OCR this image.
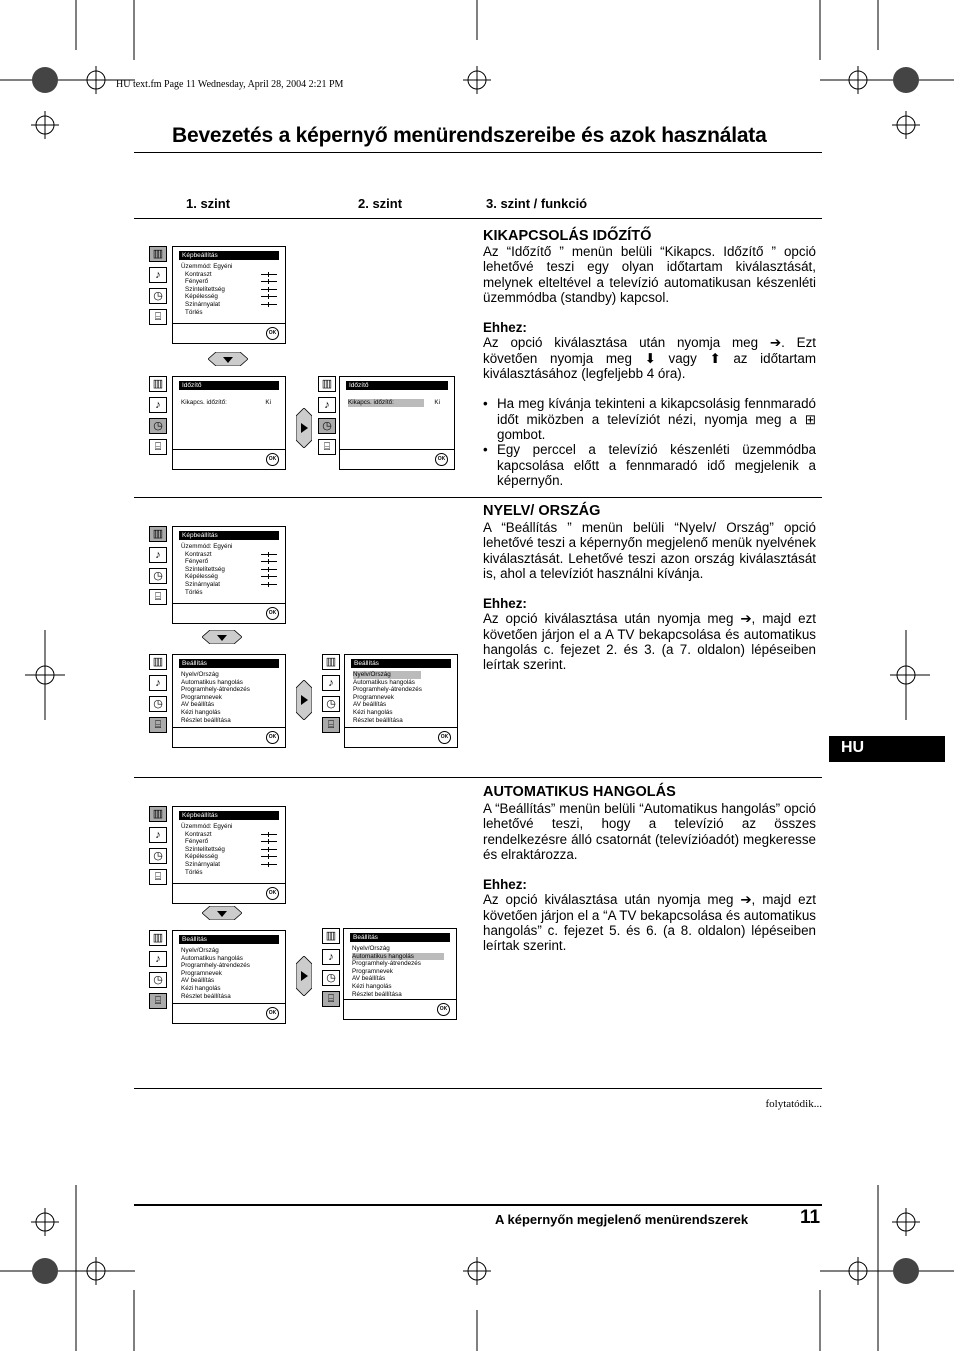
HU text.fm Page 11 Wednesday, April 28, 2004 2:21 PM
Bevezetés a képernyő menürendszereibe és azok használata
1. szint	2. szint	3. szint / funkció
HU
▥
♪
◷
⌸
Képbeállítás
Üzemmód: Egyéni
Kontraszt
Fényerő
Színtelítettség
Képélesség
Színárnyalat
Törlés
OK
▥
♪
◷
⌸
Időzítő
Kikapcs. időzítő:	Ki
OK
▥
♪
◷
⌸
Időzítő
Kikapcs. időzítő:	Ki
OK
KIKAPCSOLÁS IDŐZÍTŐ

Az “Időzítő ” menün belüli “Kikapcs. Időzítő ” opció lehetővé teszi egy olyan időtartam kiválasztását, melynek elteltével a televízió automatikusan készenléti üzemmódba (standby) kapcsol.

Ehhez:

Az opció kiválasztása után nyomja meg ➔. Ezt követően nyomja meg ⬇ vagy ⬆ az időtartam kiválasztásához (legfeljebb 4 óra).

• Ha meg kívánja tekinteni a kikapcsolásig fennmaradó időt miközben a televíziót nézi, nyomja meg a ⊞ gombot.
• Egy perccel a televízió készenléti üzemmódba kapcsolása előtt a fennmaradó idő megjelenik a képernyőn.
▥
♪
◷
⌸
Képbeállítás
Üzemmód: Egyéni
Kontraszt
Fényerő
Színtelítettség
Képélesség
Színárnyalat
Törlés
OK
▥
♪
◷
⌸
Beállítás
Nyelv/Ország
Automatikus hangolás
Programhely-átrendezés
Programnevek
AV beállítás
Kézi hangolás
Részlet beállítása
OK
▥
♪
◷
⌸
Beállítás
Nyelv/Ország
Automatikus hangolás
Programhely-átrendezés
Programnevek
AV beállítás
Kézi hangolás
Részlet beállítása
OK
NYELV/ ORSZÁG

A “Beállítás ” menün belüli “Nyelv/ Ország” opció lehetővé teszi a képernyőn megjelenő menük nyelvének kiválasztását. Lehetővé teszi azon ország kiválasztását is, ahol a televíziót használni kívánja.

Ehhez:

Az opció kiválasztása után nyomja meg ➔, majd ezt követően járjon el a A TV bekapcsolása és automatikus hangolás c. fejezet 2. és 3. (a 7. oldalon) lépéseiben leírtak szerint.

▥
♪
◷
⌸
Képbeállítás
Üzemmód: Egyéni
Kontraszt
Fényerő
Színtelítettség
Képélesség
Színárnyalat
Törlés
OK
▥
♪
◷
⌸
Beállítás
Nyelv/Ország
Automatikus hangolás
Programhely-átrendezés
Programnevek
AV beállítás
Kézi hangolás
Részlet beállítása
OK
▥
♪
◷
⌸
Beállítás
Nyelv/Ország
Automatikus hangolás
Programhely-átrendezés
Programnevek
AV beállítás
Kézi hangolás
Részlet beállítása
OK
AUTOMATIKUS HANGOLÁS

A “Beállítás” menün belüli “Automatikus hangolás” opció lehetővé teszi, hogy a televízió az összes rendelkezésre álló csatornát (televízióadót) megkeresse és elraktározza.

Ehhez:

Az opció kiválasztása után nyomja meg ➔, majd ezt követően járjon el a “A TV bekapcsolása és automatikus hangolás” c. fejezet 5. és 6. (a 8. oldalon) lépéseiben leírtak szerint.

folytatódik...
A képernyőn megjelenő menürendszerek	11
